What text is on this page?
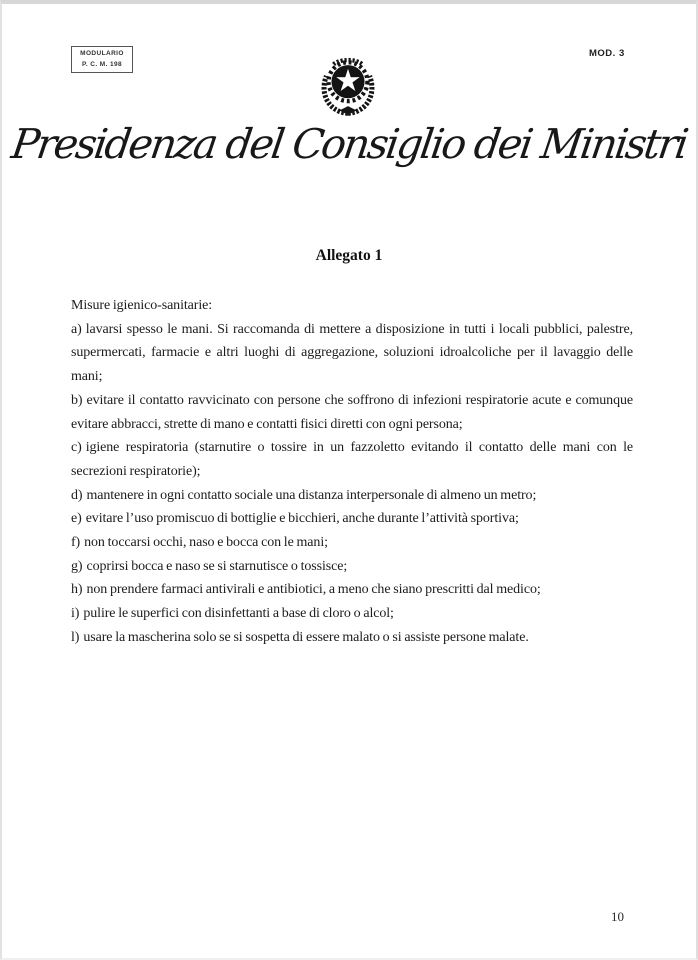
MODULARIO
P. C. M. 198
MOD. 3
Presidenza del Consiglio dei Ministri
Allegato 1

Misure igienico-sanitarie:

a) lavarsi spesso le mani. Si raccomanda di mettere a disposizione in tutti i locali pubblici, palestre, supermercati, farmacie e altri luoghi di aggregazione, soluzioni idroalcoliche per il lavaggio delle mani;

b) evitare il contatto ravvicinato con persone che soffrono di infezioni respiratorie acute e comunque evitare abbracci, strette di mano e contatti fisici diretti con ogni persona;

c) igiene respiratoria (starnutire o tossire in un fazzoletto evitando il contatto delle mani con le secrezioni respiratorie);

d) mantenere in ogni contatto sociale una distanza interpersonale di almeno un metro;

e) evitare l’uso promiscuo di bottiglie e bicchieri, anche durante l’attività sportiva;

f) non toccarsi occhi, naso e bocca con le mani;

g) coprirsi bocca e naso se si starnutisce o tossisce;

h) non prendere farmaci antivirali e antibiotici, a meno che siano prescritti dal medico;

i) pulire le superfici con disinfettanti a base di cloro o alcol;

l) usare la mascherina solo se si sospetta di essere malato o si assiste persone malate.

10
